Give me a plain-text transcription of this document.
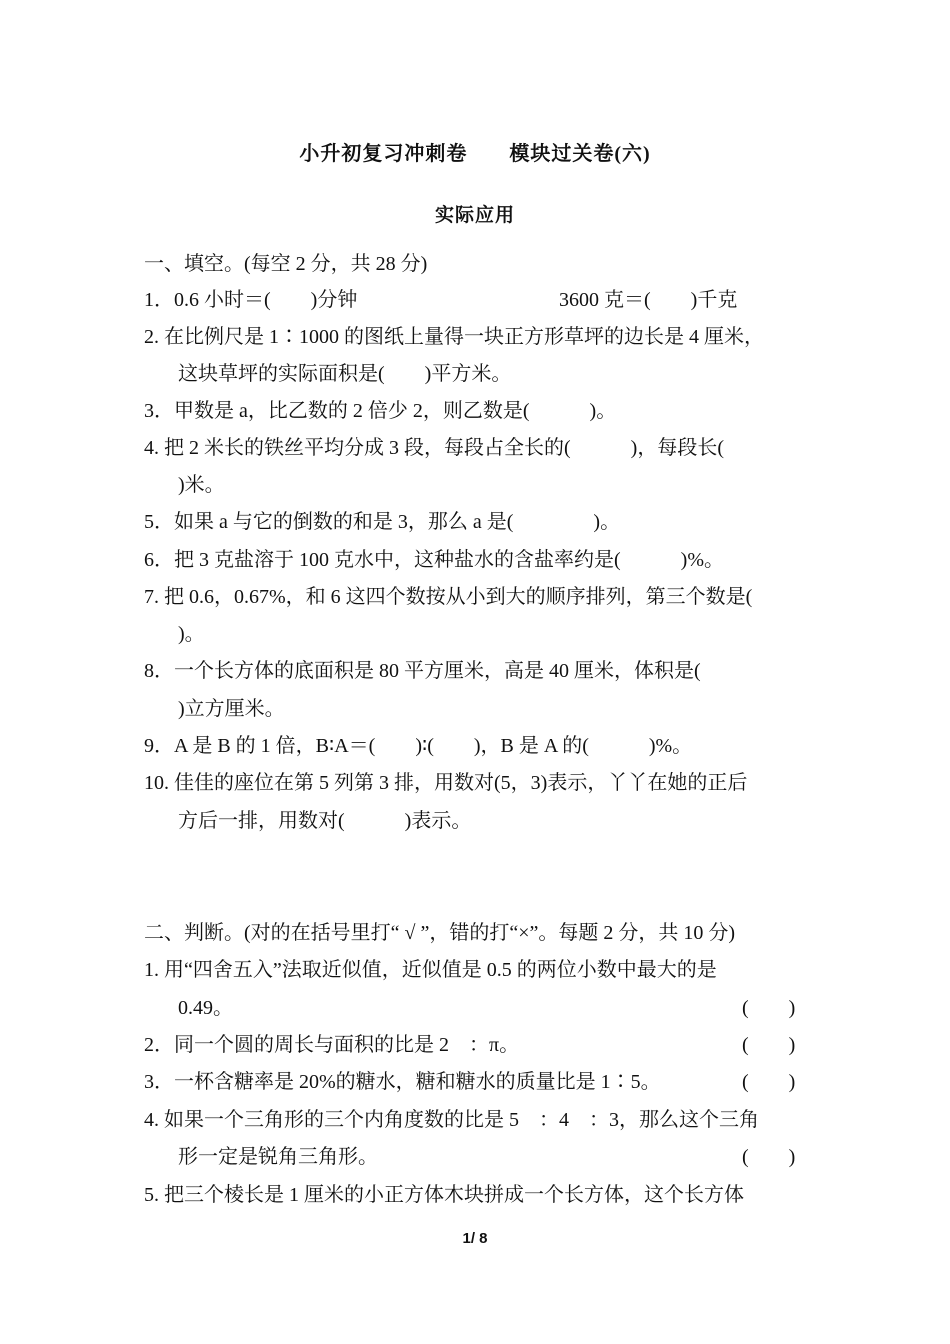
小升初复习冲刺卷　　模块过关卷(六)
实际应用
一、填空。(每空 2 分，共 28 分)
1．0.6 小时＝(　　)分钟	3600 克＝(　　)千克
2. 在比例尺是 1∶1000 的图纸上量得一块正方形草坪的边长是 4 厘米，
这块草坪的实际面积是(　　)平方米。
3．甲数是 a，比乙数的 2 倍少 2，则乙数是(　　　)。
4. 把 2 米长的铁丝平均分成 3 段，每段占全长的(　　　)，每段长(
)米。
5．如果 a 与它的倒数的和是 3，那么 a 是(　　　　)。
6．把 3 克盐溶于 100 克水中，这种盐水的含盐率约是(　　　)%。
7. 把 0.6，0.67%，和 6 这四个数按从小到大的顺序排列，第三个数是(
)。
8．一个长方体的底面积是 80 平方厘米，高是 40 厘米，体积是(
)立方厘米。
9．A 是 B 的 1 倍，B∶A＝(　　)∶(　　)，B 是 A 的(　　　)%。
10. 佳佳的座位在第 5 列第 3 排，用数对(5，3)表示，丫丫在她的正后
方后一排，用数对(　　　)表示。
二、判断。(对的在括号里打“ √ ”，错的打“×”。每题 2 分，共 10 分)
1. 用“四舍五入”法取近似值，近似值是 0.5 的两位小数中最大的是
0.49。	(　　)
2．同一个圆的周长与面积的比是 2　：π。	(　　)
3．一杯含糖率是 20%的糖水，糖和糖水的质量比是 1∶5。	(　　)
4. 如果一个三角形的三个内角度数的比是 5　：4　：3，那么这个三角
形一定是锐角三角形。	(　　)
5. 把三个棱长是 1 厘米的小正方体木块拼成一个长方体，这个长方体
1/ 8
